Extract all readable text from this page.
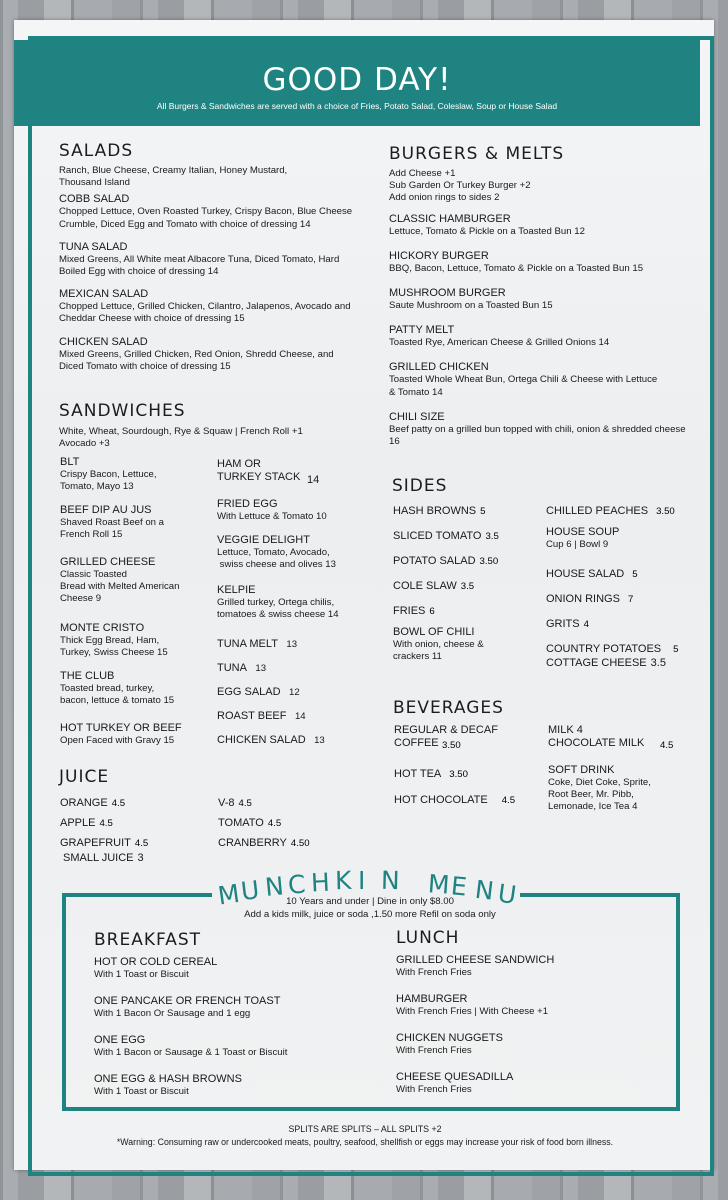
GOOD DAY!

All Burgers & Sandwiches are served with a choice of Fries, Potato Salad, Coleslaw, Soup or House Salad

SALADS
Ranch, Blue Cheese, Creamy Italian, Honey Mustard,
Thousand Island
COBB SALAD
Chopped Lettuce, Oven Roasted Turkey, Crispy Bacon, Blue Cheese Crumble, Diced Egg and Tomato with choice of dressing 14
TUNA SALAD
Mixed Greens, All White meat Albacore Tuna, Diced Tomato, Hard Boiled Egg with choice of dressing 14
MEXICAN SALAD
Chopped Lettuce, Grilled Chicken, Cilantro, Jalapenos, Avocado and Cheddar Cheese with choice of dressing 15
CHICKEN SALAD
Mixed Greens, Grilled Chicken, Red Onion, Shredd Cheese, and Diced Tomato with choice of dressing 15
SANDWICHES
White, Wheat, Sourdough, Rye & Squaw | French Roll +1
Avocado +3
BLT
Crispy Bacon, Lettuce,
Tomato, Mayo 13
BEEF DIP AU JUS
Shaved Roast Beef on a
French Roll 15
GRILLED CHEESE
Classic Toasted
Bread with Melted American
Cheese 9
MONTE CRISTO
Thick Egg Bread, Ham,
Turkey, Swiss Cheese 15
THE CLUB
Toasted bread, turkey,
bacon, lettuce & tomato 15
HOT TURKEY OR BEEF
Open Faced with Gravy 15
HAM OR
TURKEY STACK 14
FRIED EGG
With Lettuce & Tomato 10
VEGGIE DELIGHT
Lettuce, Tomato, Avocado,
swiss cheese and olives 13
KELPIE
Grilled turkey, Ortega chilis,
tomatoes & swiss cheese 14
TUNA MELT 13
TUNA 13
EGG SALAD 12
ROAST BEEF 14
CHICKEN SALAD 13
JUICE
ORANGE 4.5
APPLE 4.5
GRAPEFRUIT 4.5
SMALL JUICE 3
V-8 4.5
TOMATO 4.5
CRANBERRY 4.50
BURGERS & MELTS
Add Cheese +1
Sub Garden Or Turkey Burger +2
Add onion rings to sides 2
CLASSIC HAMBURGER
Lettuce, Tomato & Pickle on a Toasted Bun 12
HICKORY BURGER
BBQ, Bacon, Lettuce, Tomato & Pickle on a Toasted Bun 15
MUSHROOM BURGER
Saute Mushroom on a Toasted Bun 15
PATTY MELT
Toasted Rye, American Cheese & Grilled Onions 14
GRILLED CHICKEN
Toasted Whole Wheat Bun, Ortega Chili & Cheese with Lettuce
& Tomato 14
CHILI SIZE
Beef patty on a grilled bun topped with chili, onion & shredded cheese
16
SIDES
HASH BROWNS 5
SLICED TOMATO 3.5
POTATO SALAD 3.50
COLE SLAW 3.5
FRIES 6
BOWL OF CHILI
With onion, cheese &
crackers 11
CHILLED PEACHES 3.50
HOUSE SOUP
Cup 6 | Bowl 9
HOUSE SALAD 5
ONION RINGS 7
GRITS 4
COUNTRY POTATOES 5
COTTAGE CHEESE 3.5
BEVERAGES
REGULAR & DECAF
COFFEE 3.50
HOT TEA 3.50
HOT CHOCOLATE 4.5
MILK 4
CHOCOLATE MILK	4.5
SOFT DRINK
Coke, Diet Coke, Sprite,
Root Beer, Mr. Pibb,
Lemonade, Ice Tea 4
M
U N C H K I N M
E N
U
10 Years and under | Dine in only $8.00
Add a kids milk, juice or soda ,1.50 more Refil on soda only
BREAKFAST
HOT OR COLD CEREAL
With 1 Toast or Biscuit
ONE PANCAKE OR FRENCH TOAST
With 1 Bacon Or Sausage and 1 egg
ONE EGG
With 1 Bacon or Sausage & 1 Toast or Biscuit
ONE EGG & HASH BROWNS
With 1 Toast or Biscuit
LUNCH
GRILLED CHEESE SANDWICH
With French Fries
HAMBURGER
With French Fries | With Cheese +1
CHICKEN NUGGETS
With French Fries
CHEESE QUESADILLA
With French Fries
SPLITS ARE SPLITS – ALL SPLITS +2
*Warning: Consuming raw or undercooked meats, poultry, seafood, shellfish or eggs may increase your risk of food born illness.
